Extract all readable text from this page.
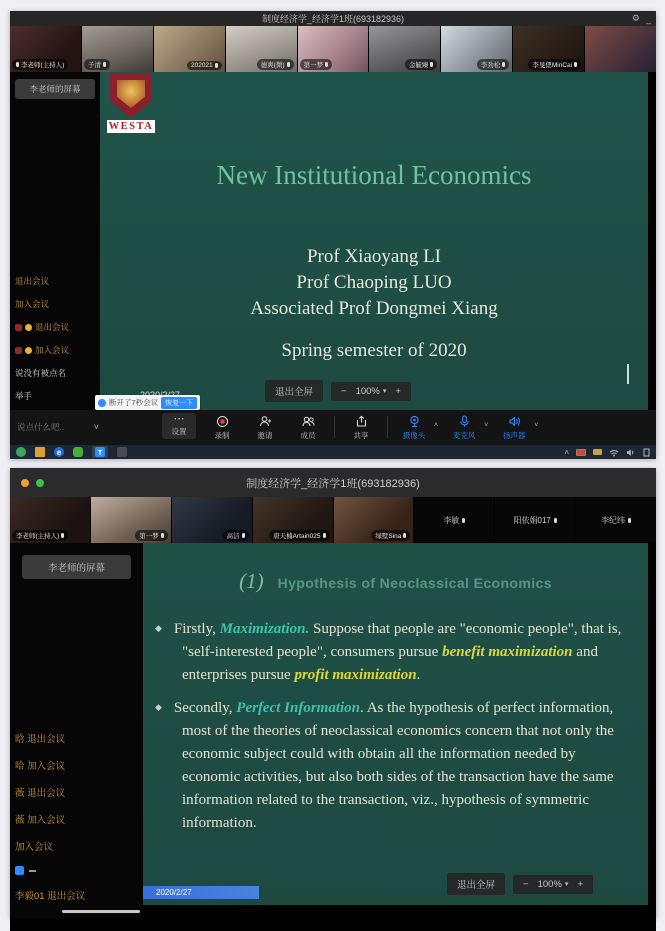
制度经济学_经济学1班(693182936)	⚙ _
李老师(主持人)	子清	202021	德爽(微)	第一梦	金毓臻	李劲松	李旻偲MinCai
李老师的屏幕
退出会议
加入会议
退出会议
加入会议
说没有被点名
举手
WESTA
New Institutional Economics
Prof Xiaoyang LI
Prof Chaoping LUO
Associated Prof Dongmei Xiang
Spring semester of 2020
退出全屏	− 100% ▾ +
断开了7秒会议	恢复一下
说点什么吧..	˅
⋯
设置	录制	邀请	成员	共享	摄像头
˄
麦克风
˅
扬声器
˅
e	T	˄
制度经济学_经济学1班(693182936)
李老师(主持人)	第一梦	高洁	唐天楠Artain025	绿墅Sina
李敏	阳依娟017	李纪纬
李老师的屏幕
晗 退出会议
哈 加入会议
薇 退出会议
薇 加入会议
加入会议
李毅01 退出会议
(1) Hypothesis of Neoclassical Economics
◆ Firstly, Maximization. Suppose that people are "economic people", that is, "self-interested people", consumers pursue benefit maximization and enterprises pursue profit maximization.
◆ Secondly, Perfect Information. As the hypothesis of perfect information, most of the theories of neoclassical economics concern that not only the economic subject could with obtain all the information needed by economic activities, but also both sides of the transaction have the same information related to the transaction, viz., hypothesis of symmetric information.
2020/2/27
退出全屏	− 100% ▾ +
